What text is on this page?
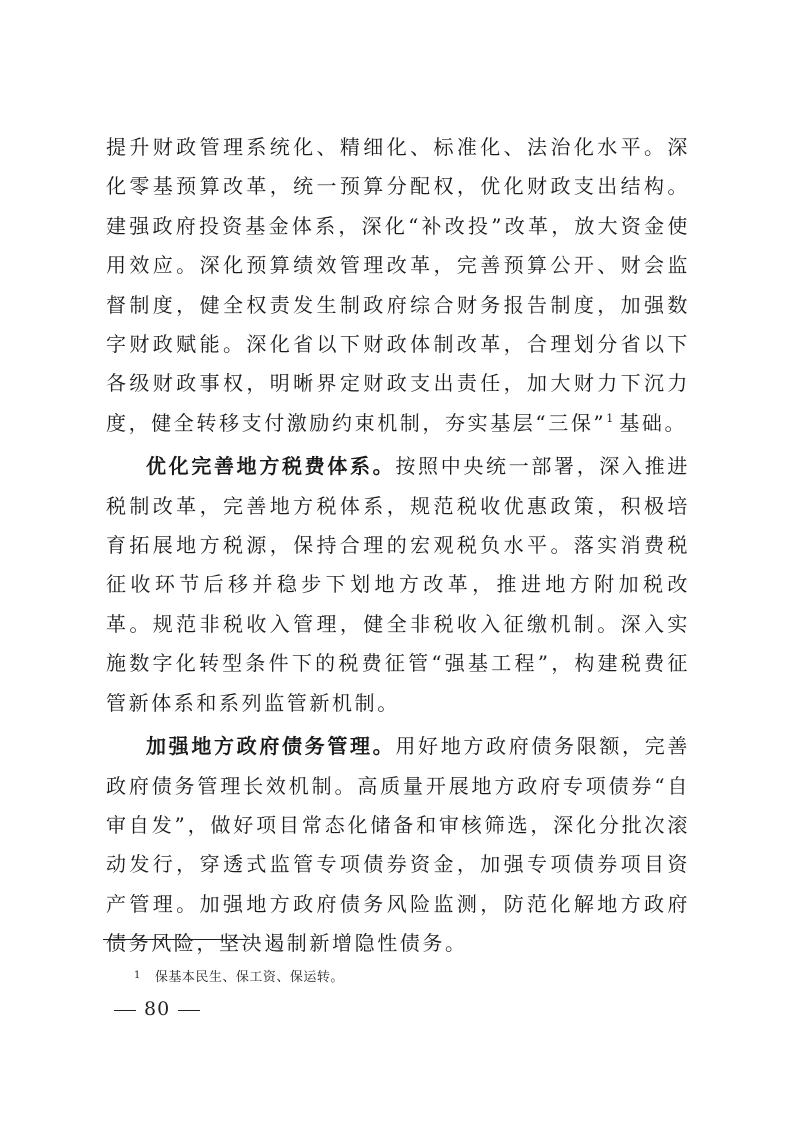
提升财政管理系统化、精细化、标准化、法治化水平。深化零基预算改革，统一预算分配权，优化财政支出结构。建强政府投资基金体系，深化“补改投”改革，放大资金使用效应。深化预算绩效管理改革，完善预算公开、财会监督制度，健全权责发生制政府综合财务报告制度，加强数字财政赋能。深化省以下财政体制改革，合理划分省以下各级财政事权，明晰界定财政支出责任，加大财力下沉力度，健全转移支付激励约束机制，夯实基层“三保”$^1$ 基础。

优化完善地方税费体系。按照中央统一部署，深入推进税制改革，完善地方税体系，规范税收优惠政策，积极培育拓展地方税源，保持合理的宏观税负水平。落实消费税征收环节后移并稳步下划地方改革，推进地方附加税改革。规范非税收入管理，健全非税收入征缴机制。深入实施数字化转型条件下的税费征管“强基工程”，构建税费征管新体系和系列监管新机制。

加强地方政府债务管理。用好地方政府债务限额，完善政府债务管理长效机制。高质量开展地方政府专项债券“自审自发”，做好项目常态化储备和审核筛选，深化分批次滚动发行，穿透式监管专项债券资金，加强专项债券项目资产管理。加强地方政府债务风险监测，防范化解地方政府债务风险，坚决遏制新增隐性债务。

$^1$ 保基本民生、保工资、保运转。
80
